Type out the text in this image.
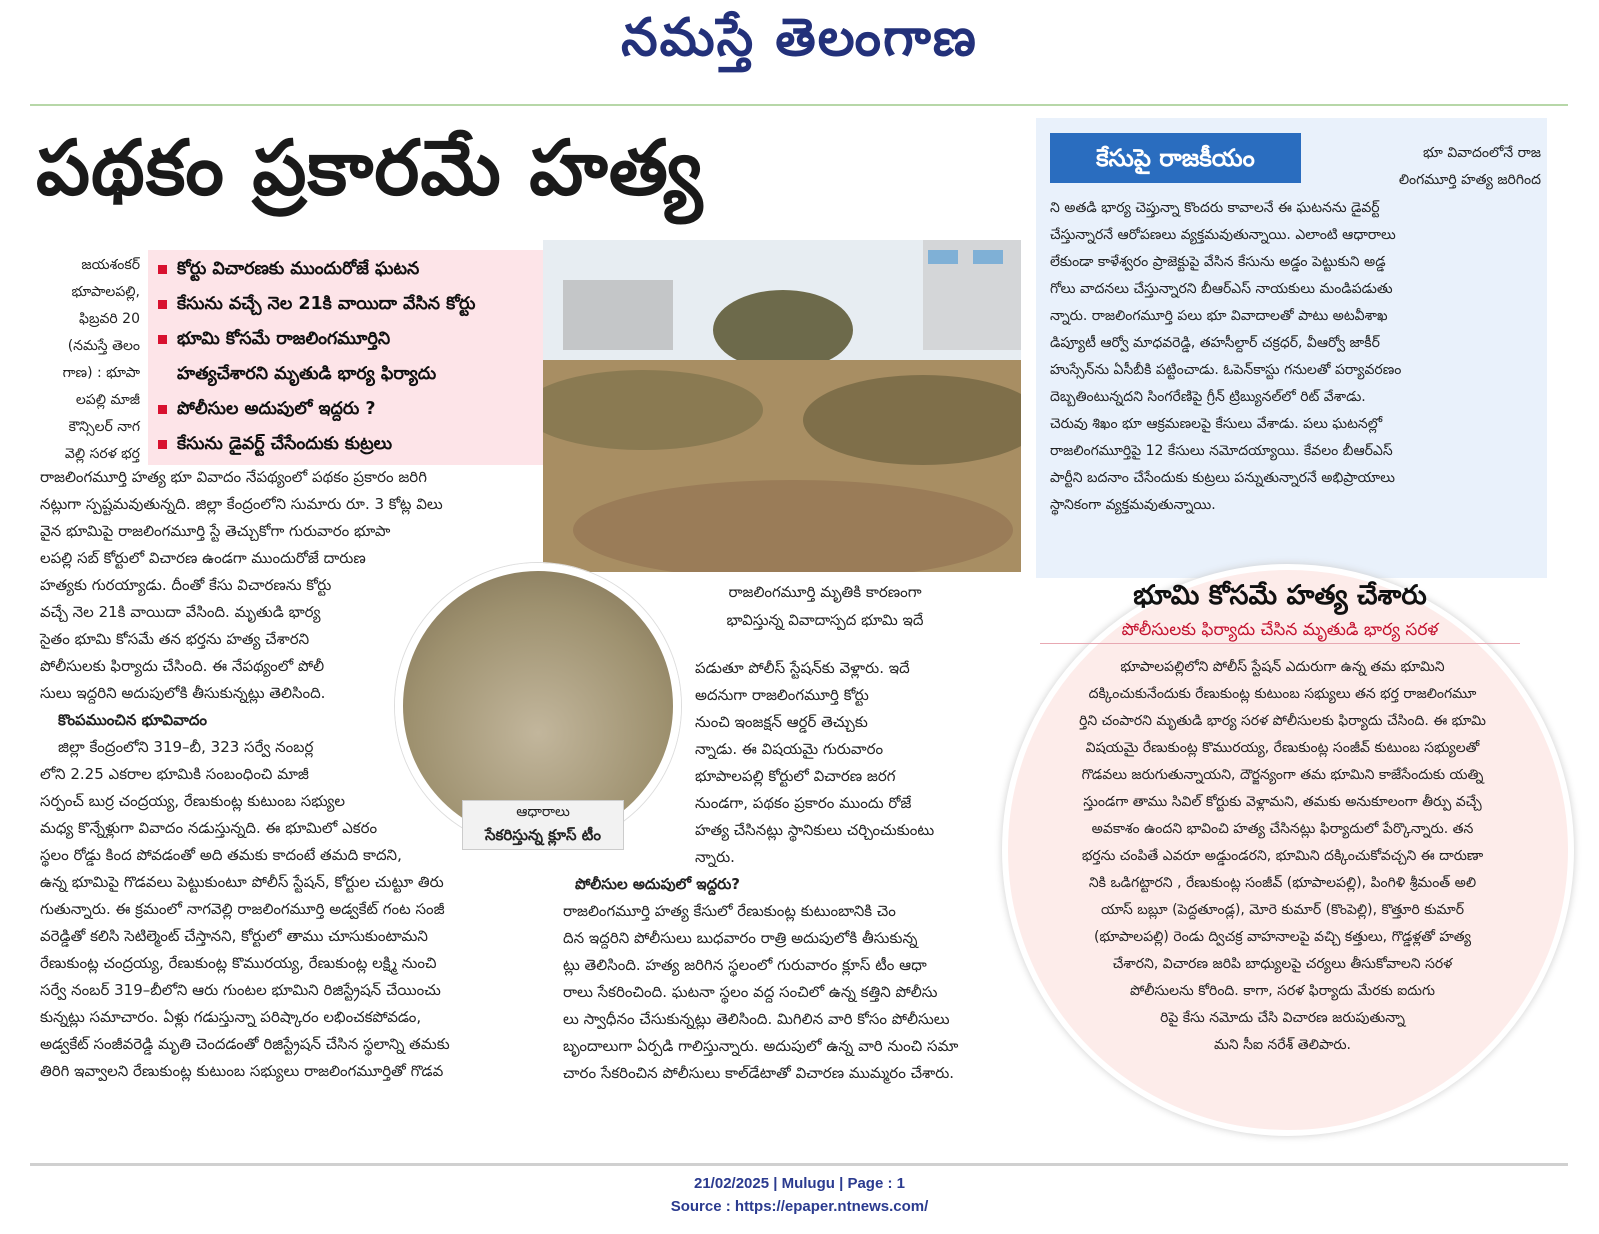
నమస్తే తెలంగాణ
పథకం ప్రకారమే హత్య
కోర్టు విచారణకు ముందురోజే ఘటన
కేసును వచ్చే నెల 21కి వాయిదా వేసిన కోర్టు
భూమి కోసమే రాజలింగమూర్తిని
హత్యచేశారని మృతుడి భార్య ఫిర్యాదు
పోలీసుల అదుపులో ఇద్దరు ?
కేసును డైవర్ట్ చేసేందుకు కుట్రలు

జయశంకర్

భూపాలపల్లి,

ఫిబ్రవరి 20

(నమస్తే తెలం

గాణ) : భూపా

లపల్లి మాజీ

కౌన్సిలర్ నాగ

వెల్లి సరళ భర్త

ఆధారాలు
సేకరిస్తున్న క్లూస్ టీం
రాజలింగమూర్తి మృతికి కారణంగా
భావిస్తున్న వివాదాస్పద భూమి ఇదే

రాజలింగమూర్తి హత్య భూ వివాదం నేపథ్యంలో పథకం ప్రకారం జరిగి

నట్లుగా స్పష్టమవుతున్నది. జిల్లా కేంద్రంలోని సుమారు రూ. 3 కోట్ల విలు

వైన భూమిపై రాజలింగమూర్తి స్టే తెచ్చుకోగా గురువారం భూపా

లపల్లి సబ్ కోర్టులో విచారణ ఉండగా ముందురోజే దారుణ

హత్యకు గురయ్యాడు. దీంతో కేసు విచారణను కోర్టు

వచ్చే నెల 21కి వాయిదా వేసింది. మృతుడి భార్య

సైతం భూమి కోసమే తన భర్తను హత్య చేశారని

పోలీసులకు ఫిర్యాదు చేసింది. ఈ నేపథ్యంలో పోలీ

సులు ఇద్దరిని అదుపులోకి తీసుకున్నట్లు తెలిసింది.

కొంపముంచిన భూవివాదం

జిల్లా కేంద్రంలోని 319–బీ, 323 సర్వే నంబర్ల

లోని 2.25 ఎకరాల భూమికి సంబంధించి మాజీ

సర్పంచ్ బుర్ర చంద్రయ్య, రేణుకుంట్ల కుటుంబ సభ్యుల

మధ్య కొన్నేళ్లుగా వివాదం నడుస్తున్నది. ఈ భూమిలో ఎకరం

స్థలం రోడ్డు కింద పోవడంతో అది తమకు కాదంటే తమది కాదని,

ఉన్న భూమిపై గొడవలు పెట్టుకుంటూ పోలీస్ స్టేషన్, కోర్టుల చుట్టూ తిరు

గుతున్నారు. ఈ క్రమంలో నాగవెల్లి రాజలింగమూర్తి అడ్వకేట్ గంట సంజీ

వరెడ్డితో కలిసి సెటిల్మెంట్ చేస్తానని, కోర్టులో తాము చూసుకుంటామని

రేణుకుంట్ల చంద్రయ్య, రేణుకుంట్ల కొమురయ్య, రేణుకుంట్ల లక్ష్మి నుంచి

సర్వే నంబర్ 319–బీలోని ఆరు గుంటల భూమిని రిజిస్ట్రేషన్ చేయించు

కున్నట్లు సమాచారం. ఏళ్లు గడుస్తున్నా పరిష్కారం లభించకపోవడం,

అడ్వకేట్ సంజీవరెడ్డి మృతి చెందడంతో రిజిస్ట్రేషన్ చేసిన స్థలాన్ని తమకు

తిరిగి ఇవ్వాలని రేణుకుంట్ల కుటుంబ సభ్యులు రాజలింగమూర్తితో గొడవ

పడుతూ పోలీస్ స్టేషన్‌కు వెళ్లారు. ఇదే

అదనుగా రాజలింగమూర్తి కోర్టు

నుంచి ఇంజక్షన్ ఆర్డర్ తెచ్చుకు

న్నాడు. ఈ విషయమై గురువారం

భూపాలపల్లి కోర్టులో విచారణ జరగ

నుండగా, పథకం ప్రకారం ముందు రోజే

హత్య చేసినట్లు స్థానికులు చర్చించుకుంటు

న్నారు.

పోలీసుల అదుపులో ఇద్దరు?

రాజలింగమూర్తి హత్య కేసులో రేణుకుంట్ల కుటుంబానికి చెం

దిన ఇద్దరిని పోలీసులు బుధవారం రాత్రి అదుపులోకి తీసుకున్న

ట్లు తెలిసింది. హత్య జరిగిన స్థలంలో గురువారం క్లూస్ టీం ఆధా

రాలు సేకరించింది. ఘటనా స్థలం వద్ద సంచిలో ఉన్న కత్తిని పోలీసు

లు స్వాధీనం చేసుకున్నట్లు తెలిసింది. మిగిలిన వారి కోసం పోలీసులు

బృందాలుగా ఏర్పడి గాలిస్తున్నారు. అదుపులో ఉన్న వారి నుంచి సమా

చారం సేకరించిన పోలీసులు కాల్‌డేటాతో విచారణ ముమ్మరం చేశారు.

కేసుపై రాజకీయం	భూ వివాదంలోనే రాజ

లింగమూర్తి హత్య జరిగింద

ని అతడి భార్య చెప్తున్నా కొందరు కావాలనే ఈ ఘటనను డైవర్ట్

చేస్తున్నారనే ఆరోపణలు వ్యక్తమవుతున్నాయి. ఎలాంటి ఆధారాలు

లేకుండా కాళేశ్వరం ప్రాజెక్టుపై వేసిన కేసును అడ్డం పెట్టుకుని అడ్డ

గోలు వాదనలు చేస్తున్నారని బీఆర్ఎస్ నాయకులు మండిపడుతు

న్నారు. రాజలింగమూర్తి పలు భూ వివాదాలతో పాటు అటవీశాఖ

డిప్యూటీ ఆర్వో మాధవరెడ్డి, తహసీల్దార్ చక్రధర్, వీఆర్వో జాకీర్

హుస్సేన్‌ను ఏసీబీకి పట్టించాడు. ఓపెన్‌కాస్టు గనులతో పర్యావరణం

దెబ్బతింటున్నదని సింగరేణిపై గ్రీన్ ట్రిబ్యునల్‌లో రిట్ వేశాడు.

చెరువు శిఖం భూ ఆక్రమణలపై కేసులు వేశాడు. పలు ఘటనల్లో

రాజలింగమూర్తిపై 12 కేసులు నమోదయ్యాయి. కేవలం బీఆర్ఎస్

పార్టీని బదనాం చేసేందుకు కుట్రలు పన్నుతున్నారనే అభిప్రాయాలు

స్థానికంగా వ్యక్తమవుతున్నాయి.

భూమి కోసమే హత్య చేశారు
పోలీసులకు ఫిర్యాదు చేసిన మృతుడి భార్య సరళ

భూపాలపల్లిలోని పోలీస్ స్టేషన్ ఎదురుగా ఉన్న తమ భూమిని

దక్కించుకునేందుకు రేణుకుంట్ల కుటుంబ సభ్యులు తన భర్త రాజలింగమూ

ర్తిని చంపారని మృతుడి భార్య సరళ పోలీసులకు ఫిర్యాదు చేసింది. ఈ భూమి

విషయమై రేణుకుంట్ల కొమురయ్య, రేణుకుంట్ల సంజీవ్ కుటుంబ సభ్యులతో

గొడవలు జరుగుతున్నాయని, దౌర్జన్యంగా తమ భూమిని కాజేసేందుకు యత్ని

స్తుండగా తాము సివిల్ కోర్టుకు వెళ్లామని, తమకు అనుకూలంగా తీర్పు వచ్చే

అవకాశం ఉందని భావించి హత్య చేసినట్లు ఫిర్యాదులో పేర్కొన్నారు. తన

భర్తను చంపితే ఎవరూ అడ్డుండరని, భూమిని దక్కించుకోవచ్చని ఈ దారుణా

నికి ఒడిగట్టారని , రేణుకుంట్ల సంజీవ్ (భూపాలపల్లి), పింగిళి శ్రీమంత్ అలి

యాస్ బబ్లూ (పెద్దతూండ్ల), మోరె కుమార్ (కొంపెల్లి), కొత్తూరి కుమార్

(భూపాలపల్లి) రెండు ద్విచక్ర వాహనాలపై వచ్చి కత్తులు, గొడ్డళ్లతో హత్య

చేశారని, విచారణ జరిపి బాధ్యులపై చర్యలు తీసుకోవాలని సరళ

పోలీసులను కోరింది. కాగా, సరళ ఫిర్యాదు మేరకు ఐదుగు

రిపై కేసు నమోదు చేసి విచారణ జరుపుతున్నా

మని సీఐ నరేశ్ తెలిపారు.

21/02/2025 | Mulugu | Page : 1
Source : https://epaper.ntnews.com/
